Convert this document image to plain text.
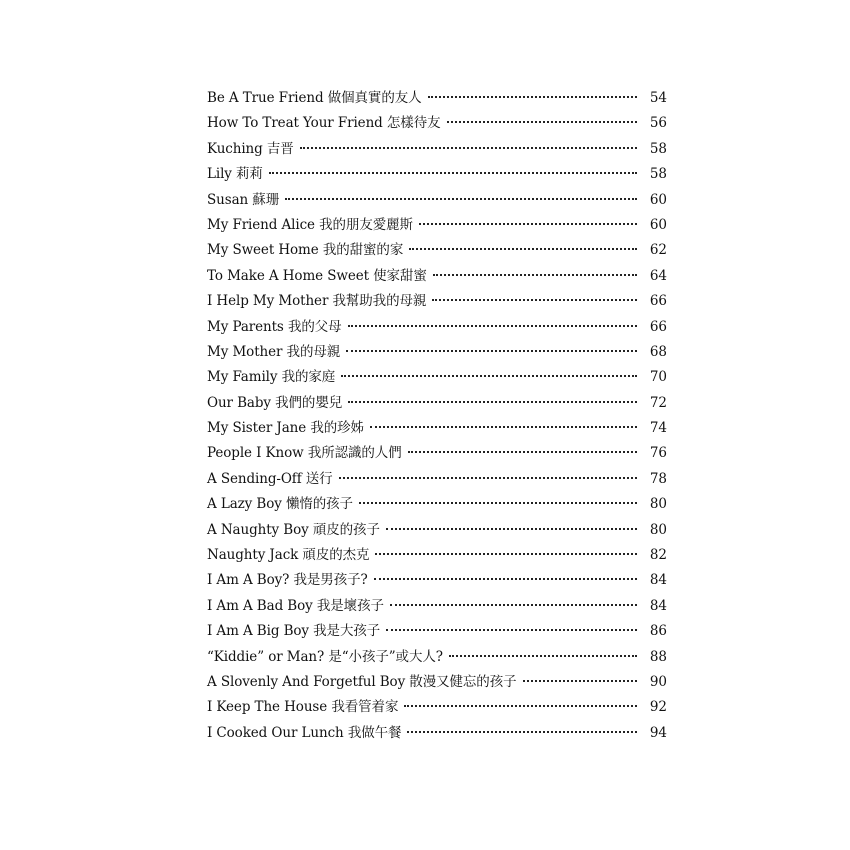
Be A True Friend 做個真實的友人	54
How To Treat Your Friend 怎樣待友	56
Kuching 吉晋	58
Lily 莉莉	58
Susan 蘇珊	60
My Friend Alice 我的朋友愛麗斯	60
My Sweet Home 我的甜蜜的家	62
To Make A Home Sweet 使家甜蜜	64
I Help My Mother 我幫助我的母親	66
My Parents 我的父母	66
My Mother 我的母親	68
My Family 我的家庭	70
Our Baby 我們的嬰兒	72
My Sister Jane 我的珍姊	74
People I Know 我所認識的人們	76
A Sending-Off 送行	78
A Lazy Boy 懶惰的孩子	80
A Naughty Boy 頑皮的孩子	80
Naughty Jack 頑皮的杰克	82
I Am A Boy? 我是男孩子?	84
I Am A Bad Boy 我是壞孩子	84
I Am A Big Boy 我是大孩子	86
“Kiddie” or Man? 是“小孩子”或大人?	88
A Slovenly And Forgetful Boy 散漫又健忘的孩子	90
I Keep The House 我看管着家	92
I Cooked Our Lunch 我做午餐	94
